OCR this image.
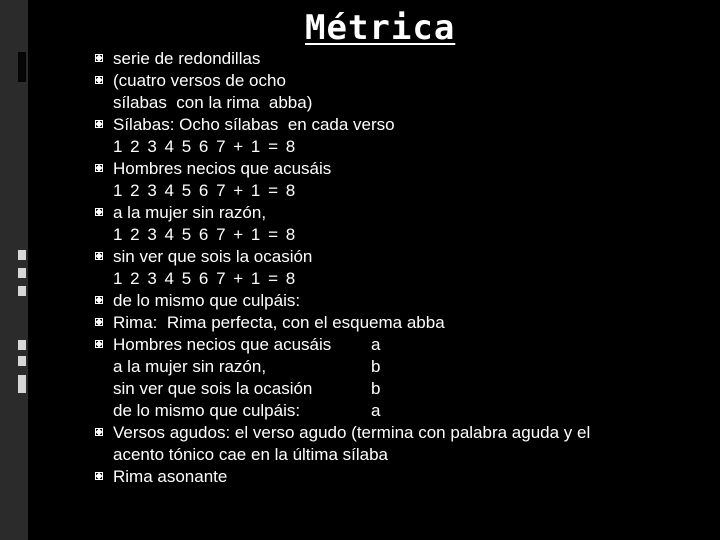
Métrica
serie de redondillas
(cuatro versos de ocho
sílabas  con la rima  abba)
Sílabas: Ocho sílabas  en cada verso
1 2 3 4 5 6 7 + 1 = 8
Hombres necios que acusáis
1 2 3 4 5 6 7 + 1 = 8
a la mujer sin razón,
1 2 3 4 5 6 7 + 1 = 8
sin ver que sois la ocasión
1 2 3 4 5 6 7 + 1 = 8
de lo mismo que culpáis:
Rima:  Rima perfecta, con el esquema abba
Hombres necios que acusáis	a
a la mujer sin razón,	b
sin ver que sois la ocasión	b
de lo mismo que culpáis:	a
Versos agudos: el verso agudo (termina con palabra aguda y el
acento tónico cae en la última sílaba
Rima asonante
